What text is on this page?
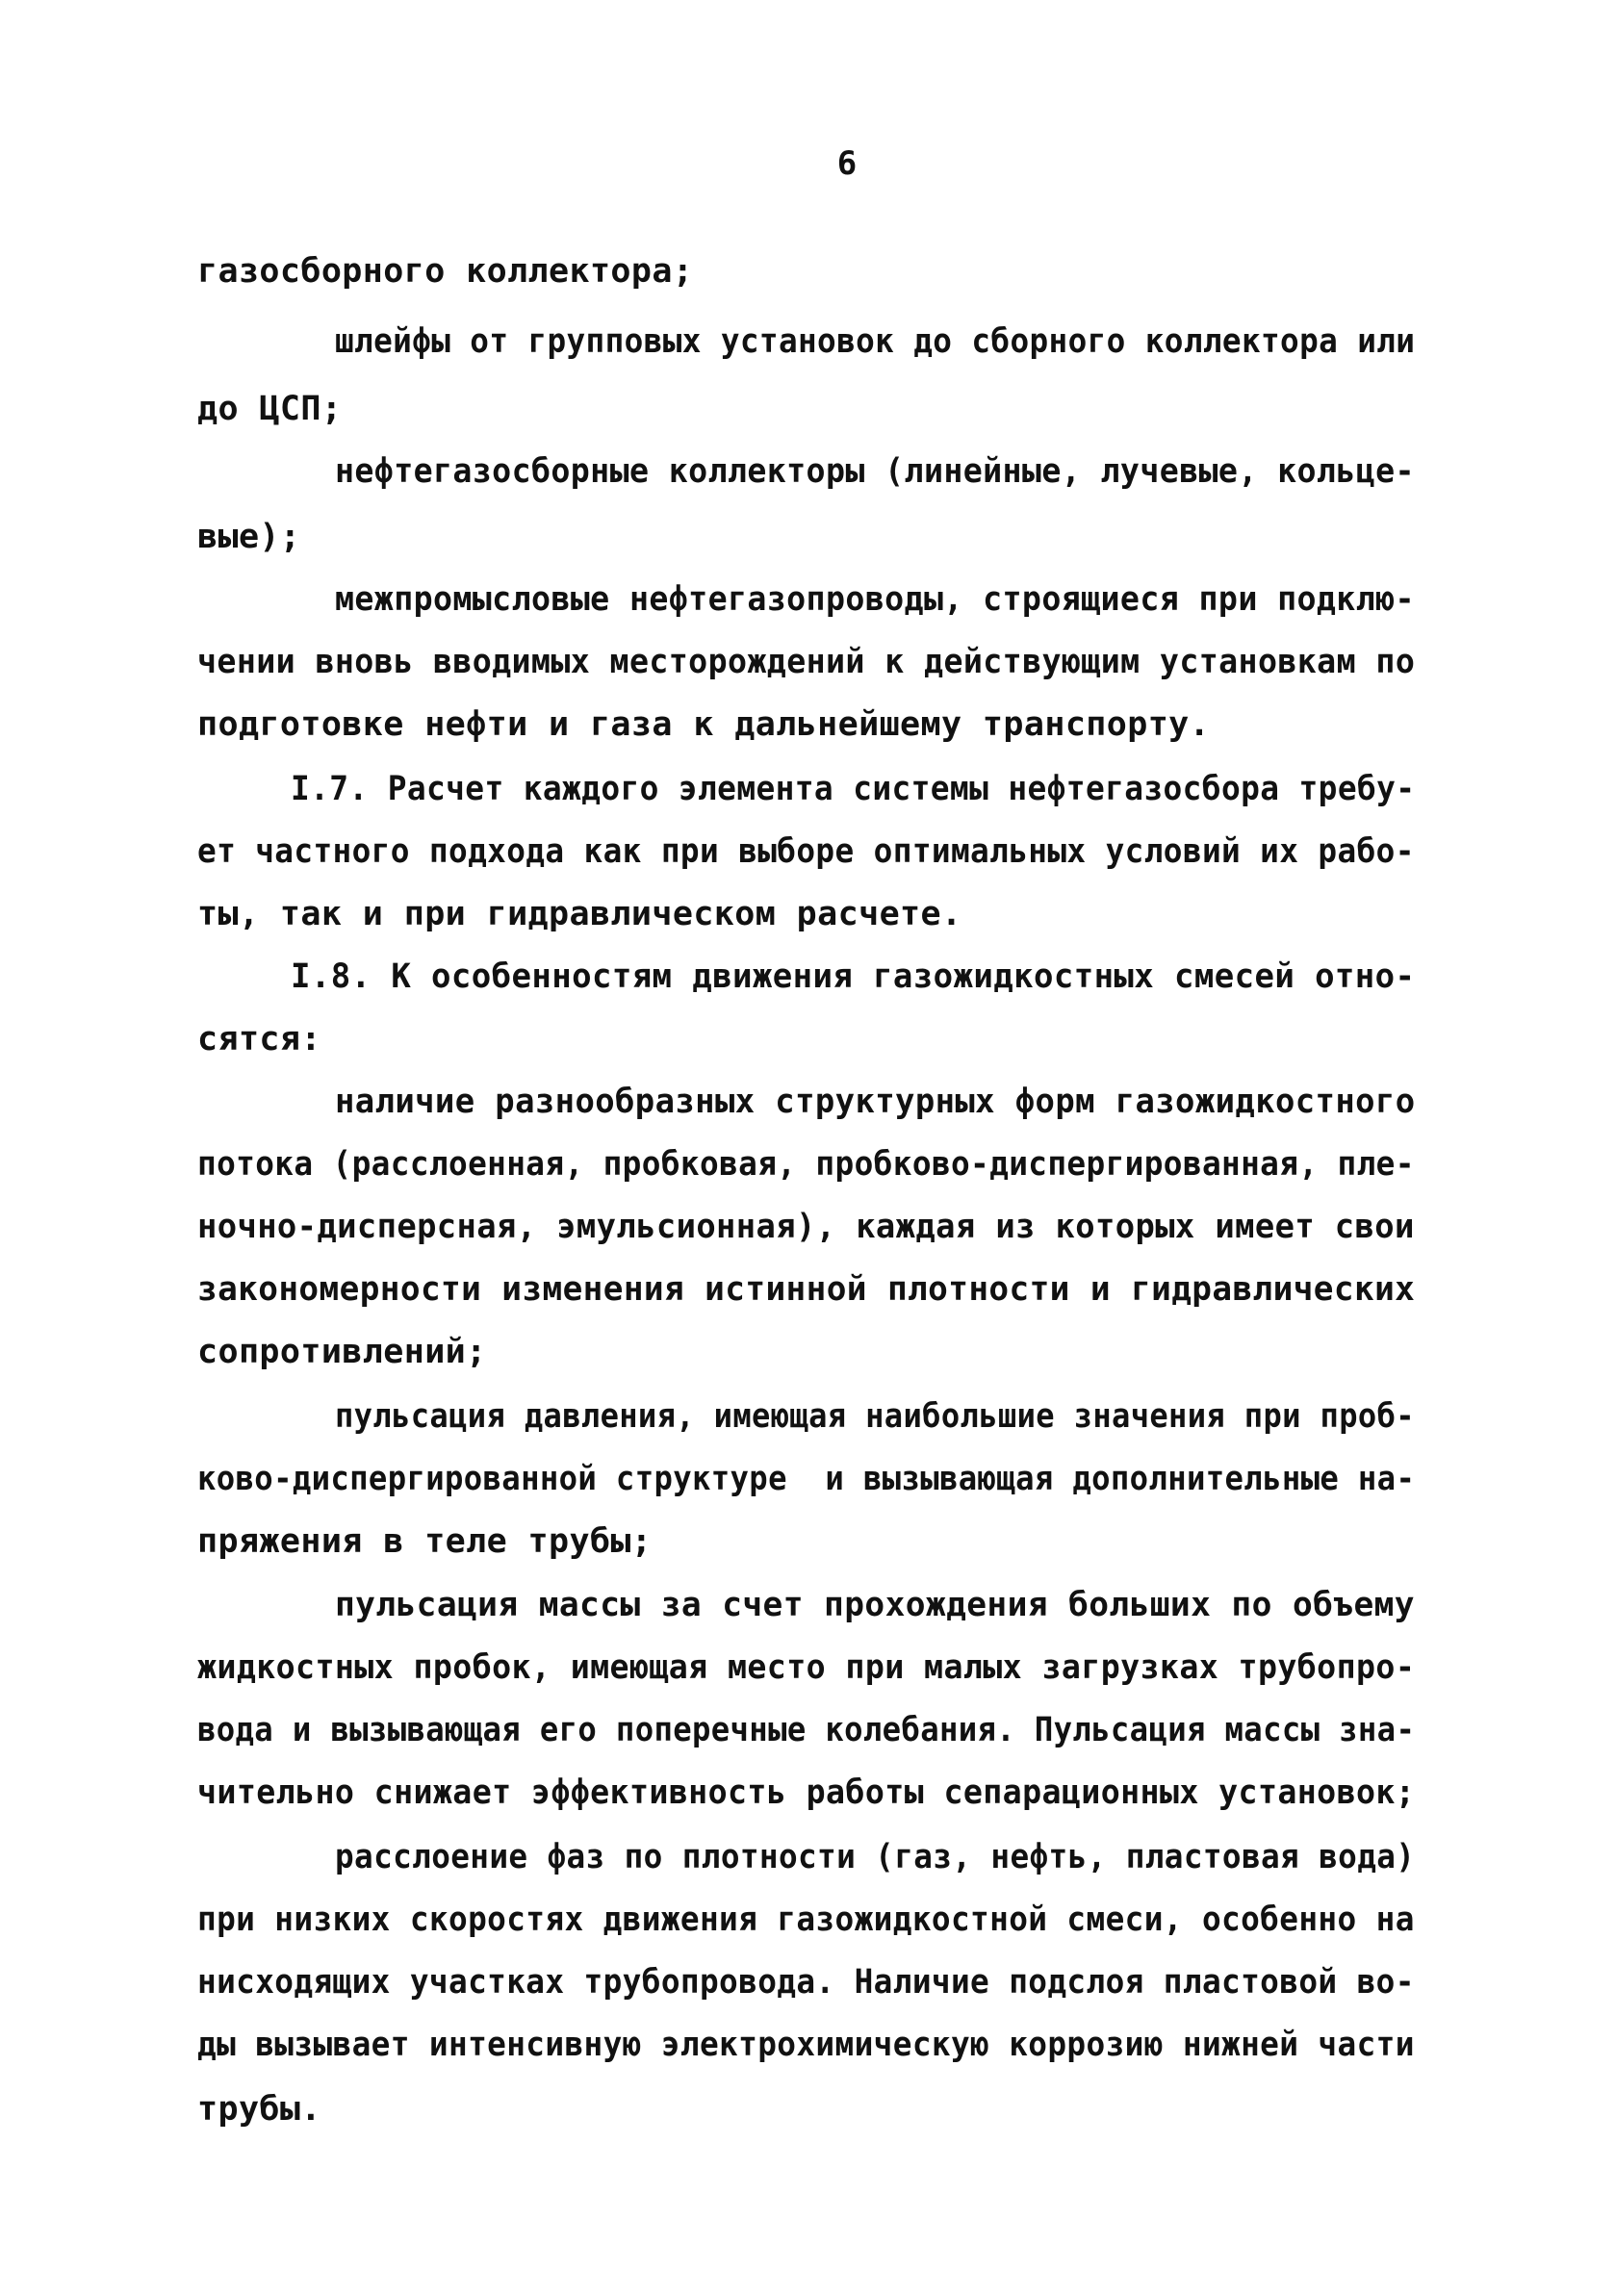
6
газосборного коллектора;
шлейфы от групповых установок до сборного коллектора или
до ЦСП;
нефтегазосборные коллекторы (линейные, лучевые, кольце-
вые);
межпромысловые нефтегазопроводы, строящиеся при подклю-
чении вновь вводимых месторождений к действующим установкам по
подготовке нефти и газа к дальнейшему транспорту.
I.7. Расчет каждого элемента системы нефтегазосбора требу-
ет частного подхода как при выборе оптимальных условий их рабо-
ты, так и при гидравлическом расчете.
I.8. К особенностям движения газожидкостных смесей отно-
сятся:
наличие разнообразных структурных форм газожидкостного
потока (расслоенная, пробковая, пробково-диспергированная, пле-
ночно-дисперсная, эмульсионная), каждая из которых имеет свои
закономерности изменения истинной плотности и гидравлических
сопротивлений;
пульсация давления, имеющая наибольшие значения при проб-
ково-диспергированной структуре  и вызывающая дополнительные на-
пряжения в теле трубы;
пульсация массы за счет прохождения больших по объему
жидкостных пробок, имеющая место при малых загрузках трубопро-
вода и вызывающая его поперечные колебания. Пульсация массы зна-
чительно снижает эффективность работы сепарационных установок;
расслоение фаз по плотности (газ, нефть, пластовая вода)
при низких скоростях движения газожидкостной смеси, особенно на
нисходящих участках трубопровода. Наличие подслоя пластовой во-
ды вызывает интенсивную электрохимическую коррозию нижней части
трубы.
